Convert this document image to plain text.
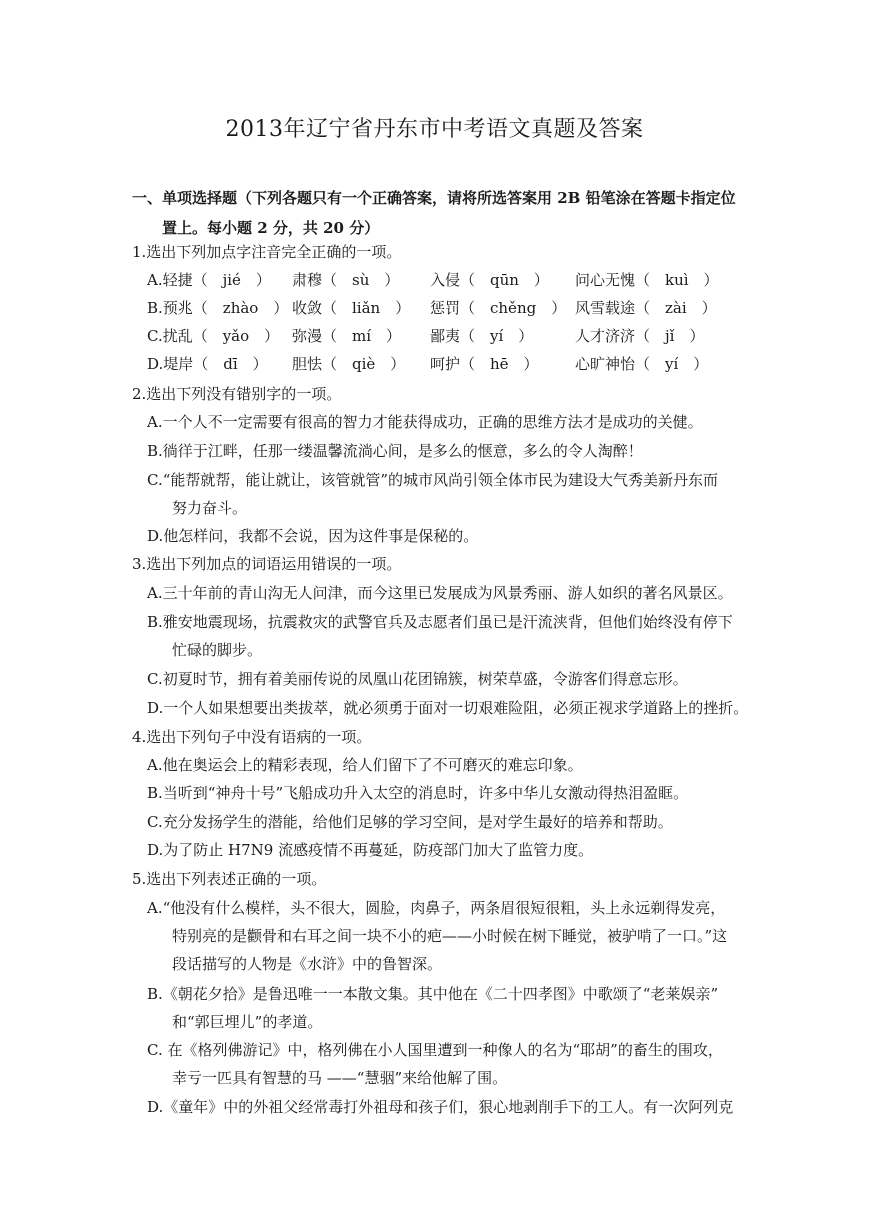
2013年辽宁省丹东市中考语文真题及答案
一、单项选择题（下列各题只有一个正确答案，请将所选答案用 2B 铅笔涂在答题卡指定位
置上。每小题 2 分，共 20 分）
1.选出下列加点字注音完全正确的一项。
A.轻捷（　jié　） 肃穆（　sù　） 入侵（　qūn　） 问心无愧（　kuì　）
B.预兆（　zhào　） 收敛（　liǎn　） 惩罚（　chěng　） 风雪载途（　zài　）
C.扰乱（　yǎo　） 弥漫（　mí　） 鄙夷（　yí　）	人才济济（　jǐ　）
D.堤岸（　dī　） 胆怯（　qiè　） 呵护（　hē　） 心旷神怡（　yí　）
2.选出下列没有错别字的一项。
A.一个人不一定需要有很高的智力才能获得成功，正确的思维方法才是成功的关健。
B.徜徉于江畔，任那一缕温馨流淌心间，是多么的惬意，多么的令人淘醉！
C.“能帮就帮，能让就让，该管就管”的城市风尚引领全体市民为建设大气秀美新丹东而
努力奋斗。
D.他怎样问，我都不会说，因为这件事是保秘的。
3.选出下列加点的词语运用错误的一项。
A.三十年前的青山沟无人问津，而今这里已发展成为风景秀丽、游人如织的著名风景区。
B.雅安地震现场，抗震救灾的武警官兵及志愿者们虽已是汗流浃背，但他们始终没有停下
忙碌的脚步。
C.初夏时节，拥有着美丽传说的凤凰山花团锦簇，树荣草盛，令游客们得意忘形。
D.一个人如果想要出类拔萃，就必须勇于面对一切艰难险阻，必须正视求学道路上的挫折。
4.选出下列句子中没有语病的一项。
A.他在奥运会上的精彩表现，给人们留下了不可磨灭的难忘印象。
B.当听到“神舟十号”飞船成功升入太空的消息时，许多中华儿女激动得热泪盈眶。
C.充分发扬学生的潜能，给他们足够的学习空间，是对学生最好的培养和帮助。
D.为了防止 H7N9 流感疫情不再蔓延，防疫部门加大了监管力度。
5.选出下列表述正确的一项。
A.“他没有什么模样，头不很大，圆脸，肉鼻子，两条眉很短很粗，头上永远剃得发亮，
特别亮的是颧骨和右耳之间一块不小的疤——小时候在树下睡觉，被驴啃了一口。”这
段话描写的人物是《水浒》中的鲁智深。
B.《朝花夕拾》是鲁迅唯一一本散文集。其中他在《二十四孝图》中歌颂了“老莱娱亲”
和“郭巨埋儿”的孝道。
C. 在《格列佛游记》中，格列佛在小人国里遭到一种像人的名为“耶胡”的畜生的围攻，
幸亏一匹具有智慧的马 ——“慧骃”来给他解了围。
D.《童年》中的外祖父经常毒打外祖母和孩子们，狠心地剥削手下的工人。有一次阿列克
